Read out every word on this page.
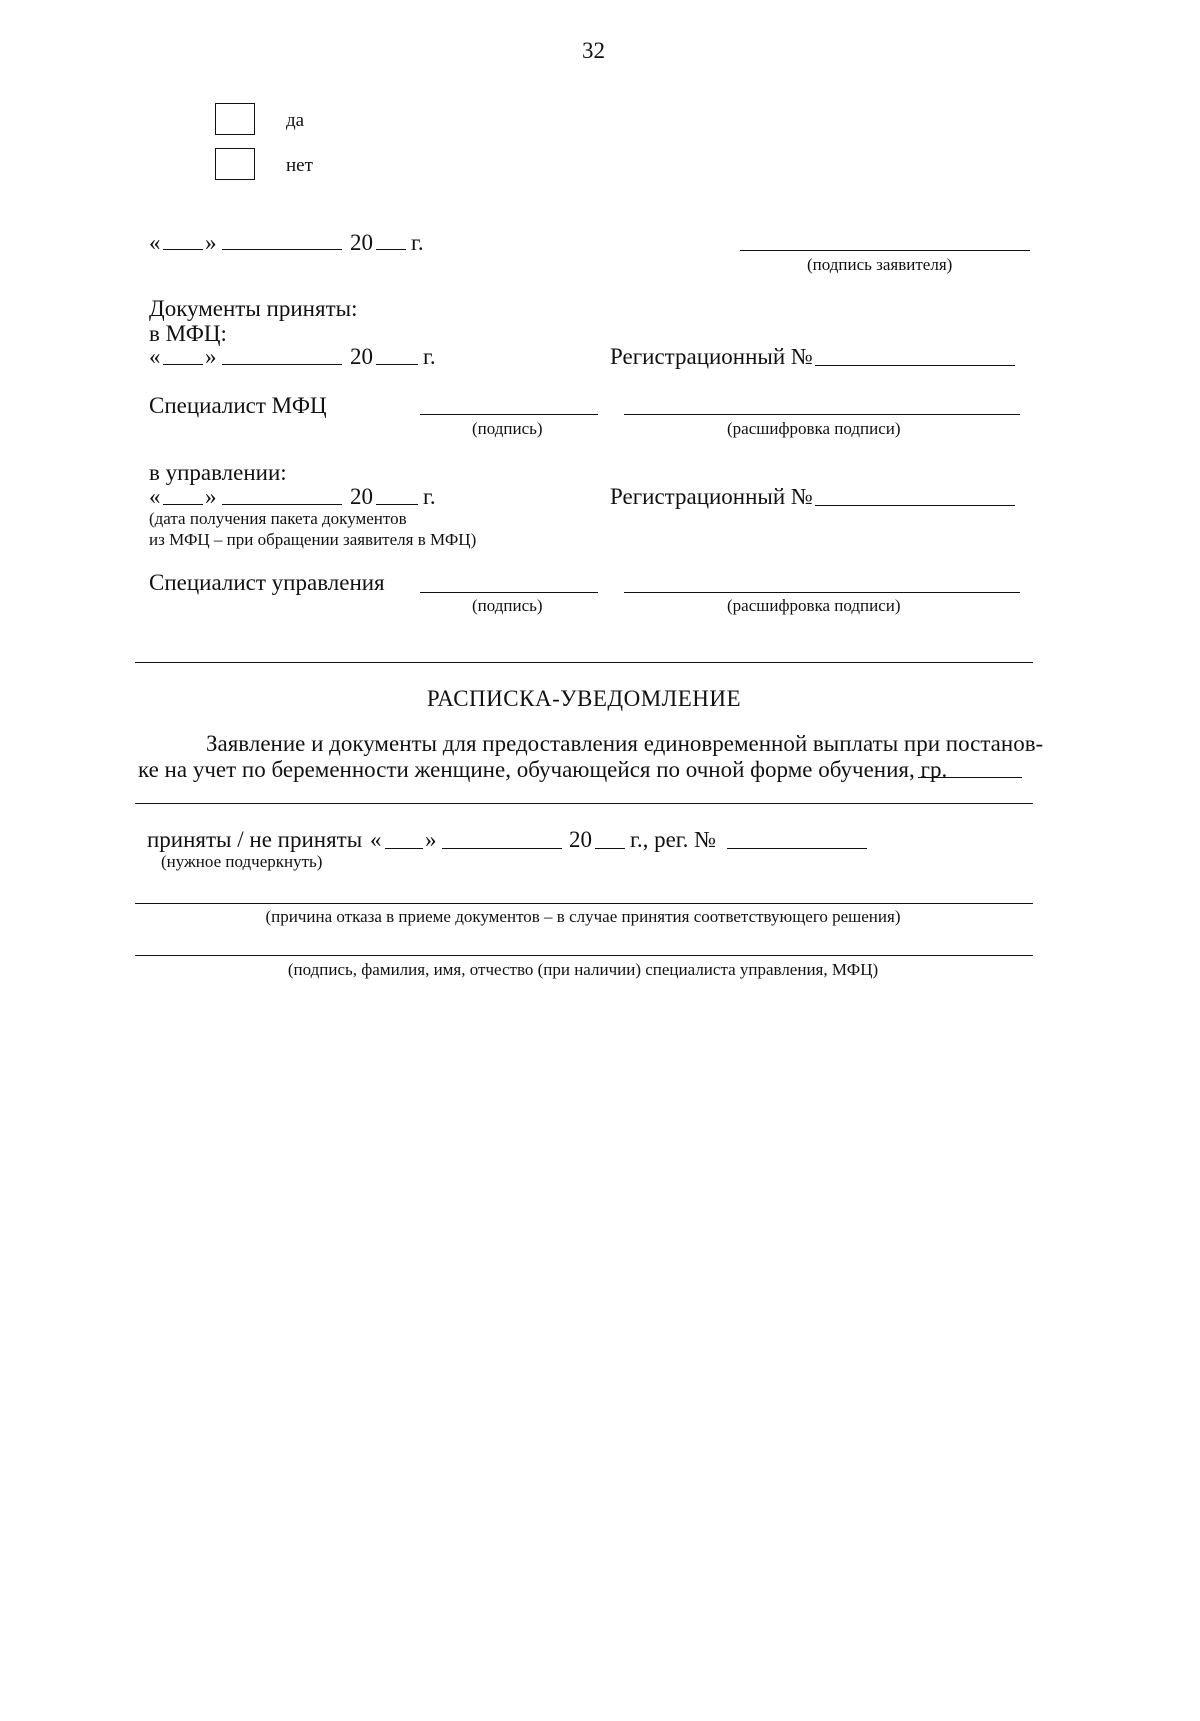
32
да
нет
« »	20 г.
(подпись заявителя)
Документы приняты:
в МФЦ:
« »	20 г.	Регистрационный №
Специалист МФЦ
(подпись)	(расшифровка подписи)
в управлении:
« »	20 г.	Регистрационный №
(дата получения пакета документов
из МФЦ – при обращении заявителя в МФЦ)
Специалист управления
(подпись)	(расшифровка подписи)
РАСПИСКА-УВЕДОМЛЕНИЕ
Заявление и документы для предоставления единовременной выплаты при постанов-
ке на учет по беременности женщине, обучающейся по очной форме обучения, гр.
приняты / не приняты « »	20 г., рег. №
(нужное подчеркнуть)
(причина отказа в приеме документов – в случае принятия соответствующего решения)
(подпись, фамилия, имя, отчество (при наличии) специалиста управления, МФЦ)
